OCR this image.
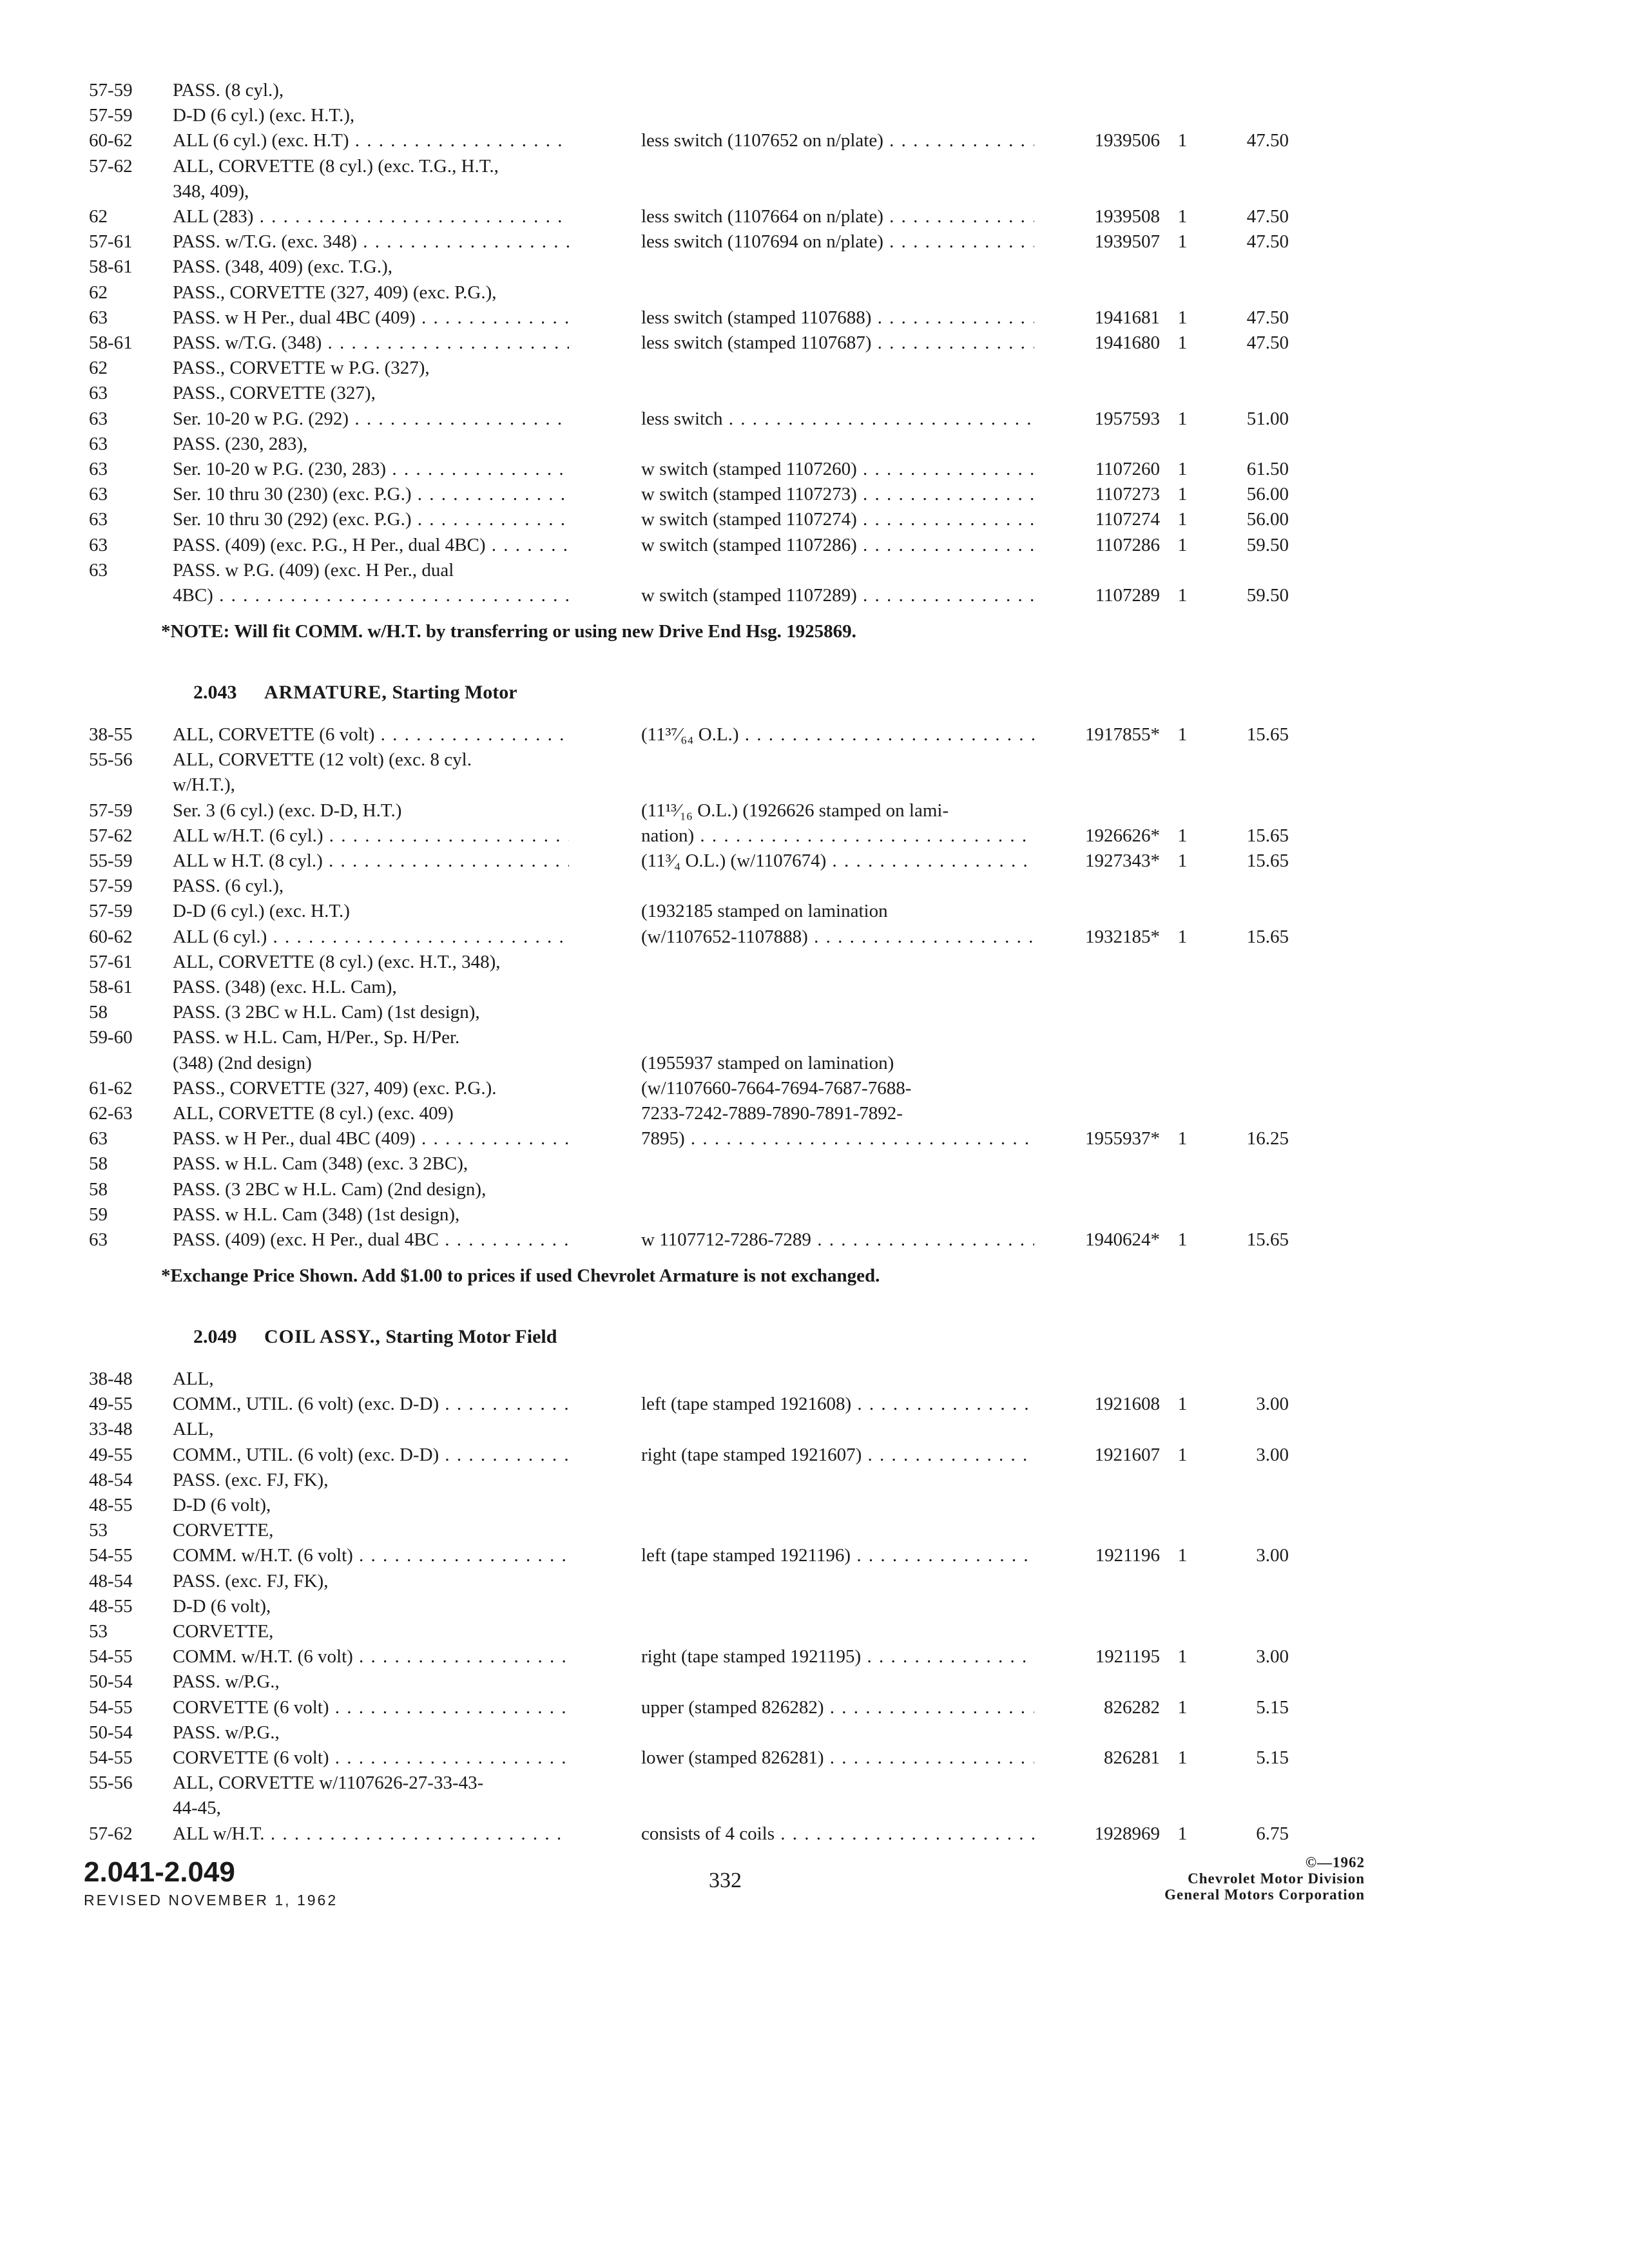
57-59	PASS. (8 cyl.),
57-59	D-D (6 cyl.) (exc. H.T.),
60-62	ALL (6 cyl.) (exc. H.T) . . .	less switch (1107652 on n/plate) . . .	1939506 1	47.50
57-62	ALL, CORVETTE (8 cyl.) (exc. T.G., H.T.,
348, 409),
62	ALL (283) . . .	less switch (1107664 on n/plate) . . .	1939508 1	47.50
57-61	PASS. w/T.G. (exc. 348) . . .	less switch (1107694 on n/plate) . . .	1939507 1	47.50
58-61	PASS. (348, 409) (exc. T.G.),
62	PASS., CORVETTE (327, 409) (exc. P.G.),
63	PASS. w H Per., dual 4BC (409) . . .	less switch (stamped 1107688) . . .	1941681 1	47.50
58-61	PASS. w/T.G. (348) . . .	less switch (stamped 1107687) . . .	1941680 1	47.50
62	PASS., CORVETTE w P.G. (327),
63	PASS., CORVETTE (327),
63	Ser. 10-20 w P.G. (292) . . .	less switch . . .	1957593 1	51.00
63	PASS. (230, 283),
63	Ser. 10-20 w P.G. (230, 283) . . .	w switch (stamped 1107260) . . .	1107260 1	61.50
63	Ser. 10 thru 30 (230) (exc. P.G.) . . .	w switch (stamped 1107273) . . .	1107273 1	56.00
63	Ser. 10 thru 30 (292) (exc. P.G.) . . .	w switch (stamped 1107274) . . .	1107274 1	56.00
63	PASS. (409) (exc. P.G., H Per., dual 4BC) . . .	w switch (stamped 1107286) . . .	1107286 1	59.50
63	PASS. w P.G. (409) (exc. H Per., dual
4BC) . . .	w switch (stamped 1107289) . . .	1107289 1	59.50
*NOTE: Will fit COMM. w/H.T. by transferring or using new Drive End Hsg. 1925869.
2.043 ARMATURE, Starting Motor
38-55	ALL, CORVETTE (6 volt) . . .	(11³⁷⁄₆₄ O.L.) . . .	1917855* 1	15.65
55-56	ALL, CORVETTE (12 volt) (exc. 8 cyl.
w/H.T.),
57-59	Ser. 3 (6 cyl.) (exc. D-D, H.T.)	(11¹³⁄₁₆ O.L.) (1926626 stamped on lami-
57-62	ALL w/H.T. (6 cyl.) . . .	nation) . . .	1926626* 1	15.65
55-59	ALL w H.T. (8 cyl.) . . .	(11³⁄₄ O.L.) (w/1107674) . . .	1927343* 1	15.65
57-59	PASS. (6 cyl.),
57-59	D-D (6 cyl.) (exc. H.T.)	(1932185 stamped on lamination
60-62	ALL (6 cyl.) . . .	(w/1107652-1107888) . . .	1932185* 1	15.65
57-61	ALL, CORVETTE (8 cyl.) (exc. H.T., 348),
58-61	PASS. (348) (exc. H.L. Cam),
58	PASS. (3 2BC w H.L. Cam) (1st design),
59-60	PASS. w H.L. Cam, H/Per., Sp. H/Per.
(348) (2nd design)	(1955937 stamped on lamination)
61-62	PASS., CORVETTE (327, 409) (exc. P.G.).	(w/1107660-7664-7694-7687-7688-
62-63	ALL, CORVETTE (8 cyl.) (exc. 409)	7233-7242-7889-7890-7891-7892-
63	PASS. w H Per., dual 4BC (409) . . .	7895) . . .	1955937* 1	16.25
58	PASS. w H.L. Cam (348) (exc. 3 2BC),
58	PASS. (3 2BC w H.L. Cam) (2nd design),
59	PASS. w H.L. Cam (348) (1st design),
63	PASS. (409) (exc. H Per., dual 4BC . . .	w 1107712-7286-7289 . . .	1940624* 1	15.65
*Exchange Price Shown. Add $1.00 to prices if used Chevrolet Armature is not exchanged.
2.049 COIL ASSY., Starting Motor Field
38-48	ALL,
49-55	COMM., UTIL. (6 volt) (exc. D-D) . . .	left (tape stamped 1921608) . . .	1921608 1	3.00
33-48	ALL,
49-55	COMM., UTIL. (6 volt) (exc. D-D) . . .	right (tape stamped 1921607) . . .	1921607 1	3.00
48-54	PASS. (exc. FJ, FK),
48-55	D-D (6 volt),
53	CORVETTE,
54-55	COMM. w/H.T. (6 volt) . . .	left (tape stamped 1921196) . . .	1921196 1	3.00
48-54	PASS. (exc. FJ, FK),
48-55	D-D (6 volt),
53	CORVETTE,
54-55	COMM. w/H.T. (6 volt) . . .	right (tape stamped 1921195) . . .	1921195 1	3.00
50-54	PASS. w/P.G.,
54-55	CORVETTE (6 volt) . . .	upper (stamped 826282) . . .	826282 1	5.15
50-54	PASS. w/P.G.,
54-55	CORVETTE (6 volt) . . .	lower (stamped 826281) . . .	826281 1	5.15
55-56	ALL, CORVETTE w/1107626-27-33-43-
44-45,
57-62	ALL w/H.T. . . .	consists of 4 coils . . .	1928969 1	6.75
2.041-2.049
REVISED NOVEMBER 1, 1962
332
©—1962
Chevrolet Motor Division
General Motors Corporation
